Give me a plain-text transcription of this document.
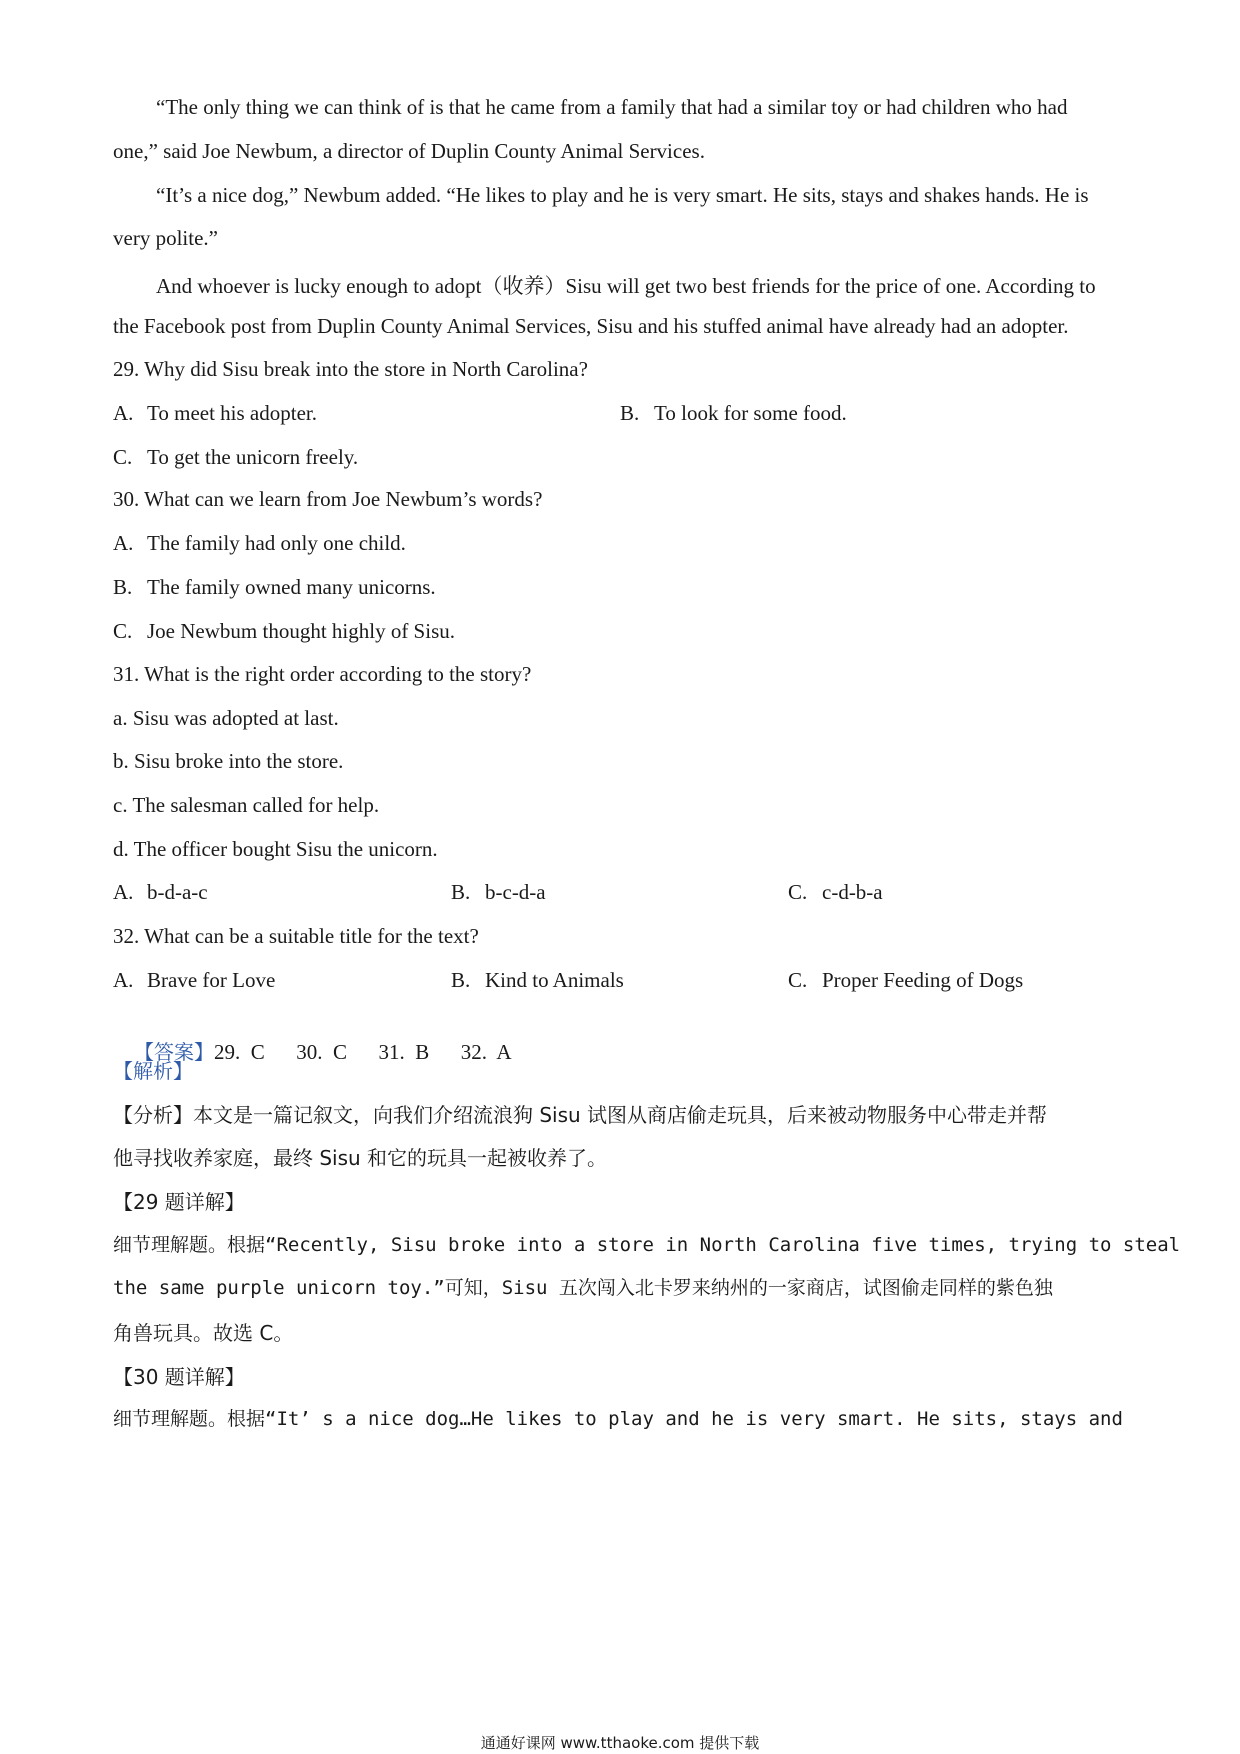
“The only thing we can think of is that he came from a family that had a similar toy or had children who had
one,” said Joe Newbum, a director of Duplin County Animal Services.
“It’s a nice dog,” Newbum added. “He likes to play and he is very smart. He sits, stays and shakes hands. He is
very polite.”
And whoever is lucky enough to adopt（收养）Sisu will get two best friends for the price of one. According to
the Facebook post from Duplin County Animal Services, Sisu and his stuffed animal have already had an adopter.
29. Why did Sisu break into the store in North Carolina?
A. To meet his adopter.	B. To look for some food.
C. To get the unicorn freely.
30. What can we learn from Joe Newbum’s words?
A. The family had only one child.
B. The family owned many unicorns.
C. Joe Newbum thought highly of Sisu.
31. What is the right order according to the story?
a. Sisu was adopted at last.
b. Sisu broke into the store.
c. The salesman called for help.
d. The officer bought Sisu the unicorn.
A. b-d-a-c	B. b-c-d-a	C. c-d-b-a
32. What can be a suitable title for the text?
A. Brave for Love	B. Kind to Animals	C. Proper Feeding of Dogs

【答案】29.  C      30.  C      31.  B      32.  A

【解析】
【分析】本文是一篇记叙文，向我们介绍流浪狗 Sisu 试图从商店偷走玩具，后来被动物服务中心带走并帮
他寻找收养家庭，最终 Sisu 和它的玩具一起被收养了。
【29 题详解】
细节理解题。根据“Recently, Sisu broke into a store in North Carolina five times, trying to steal
the same purple unicorn toy.”可知，Sisu 五次闯入北卡罗来纳州的一家商店，试图偷走同样的紫色独
角兽玩具。故选 C。
【30 题详解】
细节理解题。根据“It’ s a nice dog…He likes to play and he is very smart. He sits, stays and
通通好课网 www.tthaoke.com 提供下载
